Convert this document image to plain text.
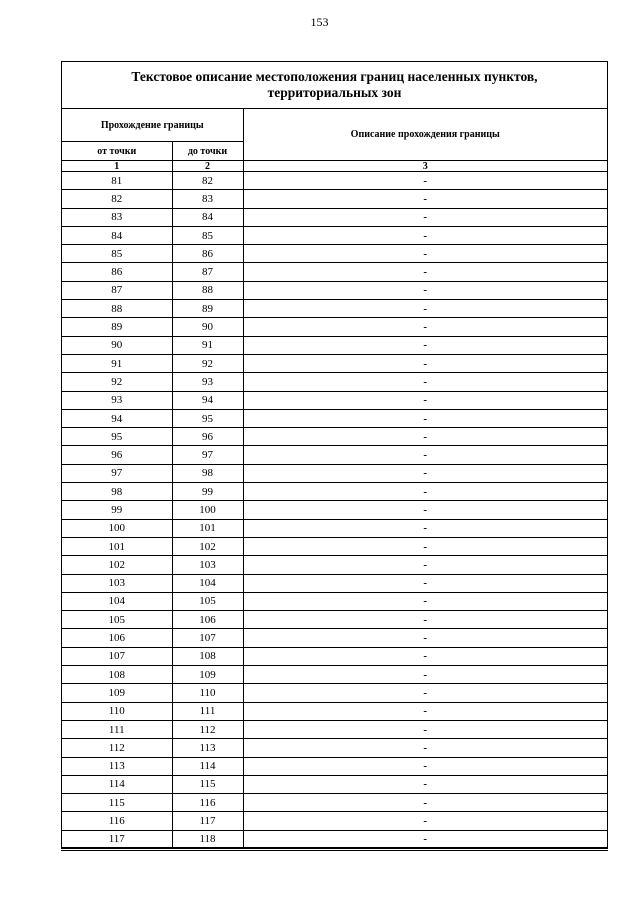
153
Текстовое описание местоположения границ населенных пунктов,
территориальных зон
Прохождение границы		Описание прохождения границы
от точки	до точки	
1	2	3
81	82	-
82	83	-
83	84	-
84	85	-
85	86	-
86	87	-
87	88	-
88	89	-
89	90	-
90	91	-
91	92	-
92	93	-
93	94	-
94	95	-
95	96	-
96	97	-
97	98	-
98	99	-
99	100	-
100	101	-
101	102	-
102	103	-
103	104	-
104	105	-
105	106	-
106	107	-
107	108	-
108	109	-
109	110	-
110	111	-
111	112	-
112	113	-
113	114	-
114	115	-
115	116	-
116	117	-
117	118	-
